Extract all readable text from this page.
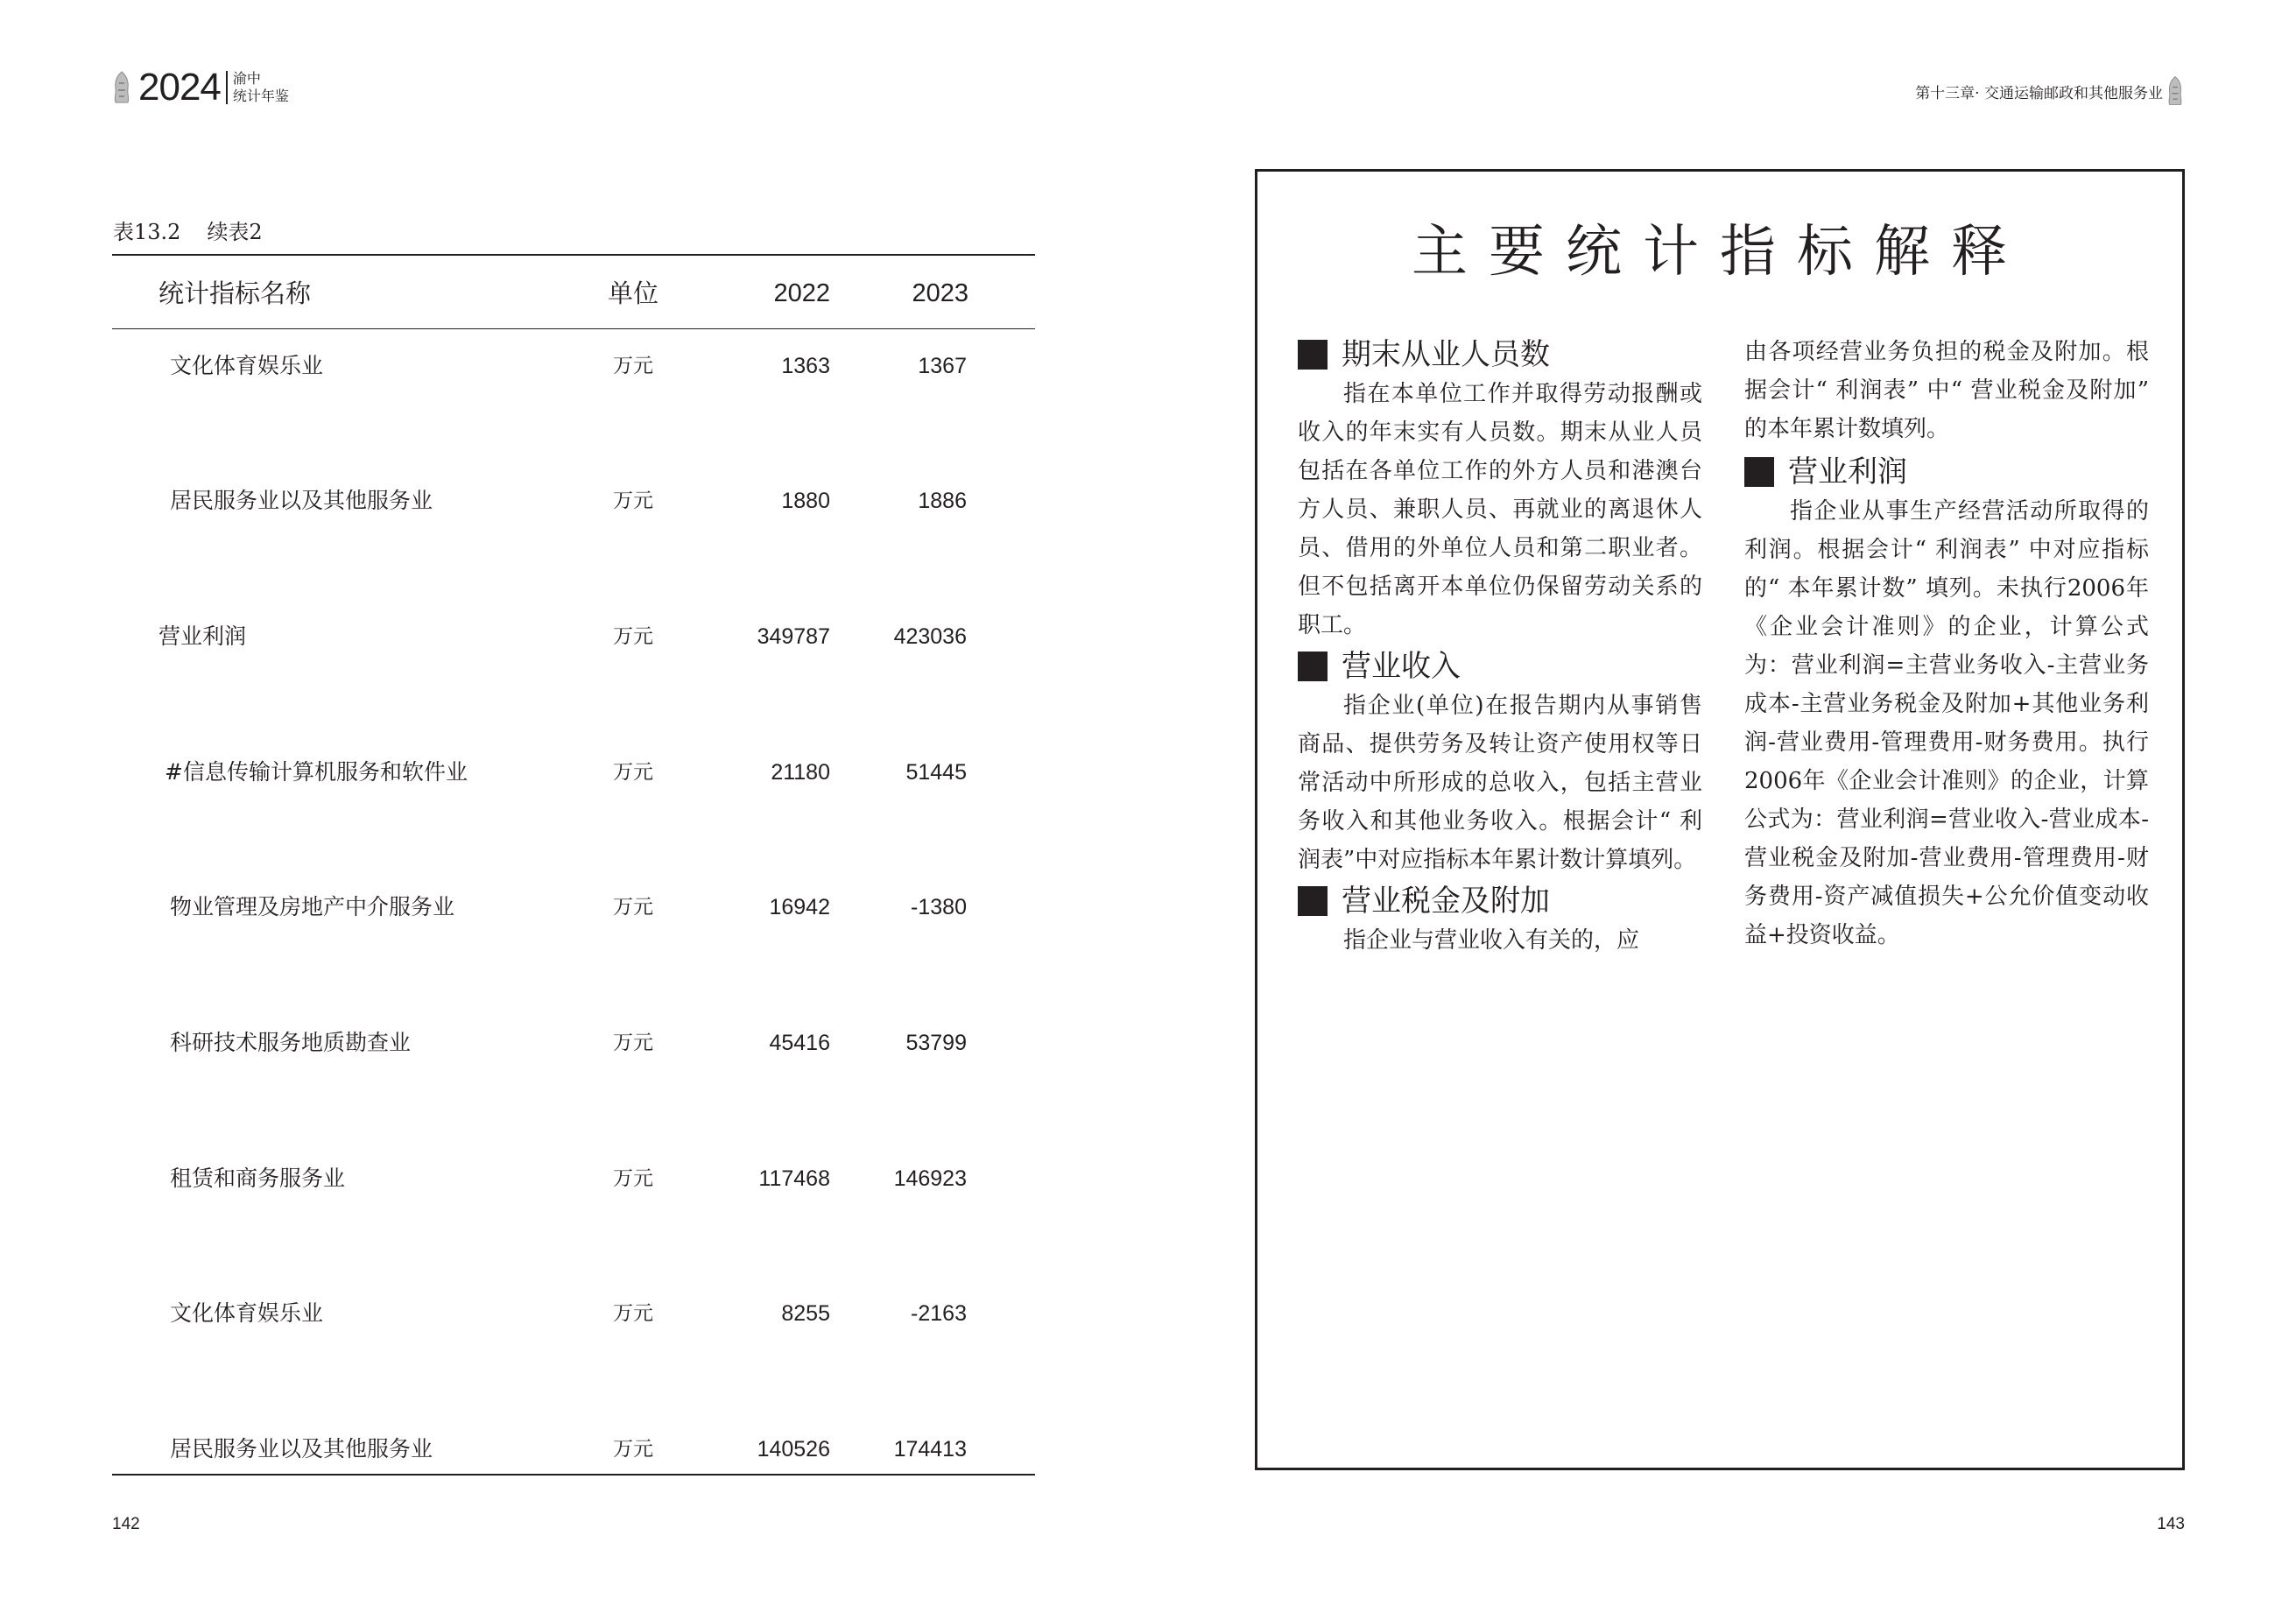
2024 渝中
统计年鉴	第十三章· 交通运输邮政和其他服务业
表13.2 续表2
统计指标名称	单位	2022	2023
文化体育娱乐业	万元	1363	1367
居民服务业以及其他服务业	万元	1880	1886
营业利润	万元	349787	423036
#信息传输计算机服务和软件业	万元	21180	51445
物业管理及房地产中介服务业	万元	16942	-1380
科研技术服务地质勘查业	万元	45416	53799
租赁和商务服务业	万元	117468	146923
文化体育娱乐业	万元	8255	-2163
居民服务业以及其他服务业	万元	140526	174413
142	143
主要统计指标解释
期末从业人员数

指在本单位工作并取得劳动报酬或收入的年末实有人员数。期末从业人员包括在各单位工作的外方人员和港澳台方人员、兼职人员、再就业的离退休人员、借用的外单位人员和第二职业者。但不包括离开本单位仍保留劳动关系的职工。

营业收入

指企业(单位)在报告期内从事销售商品、提供劳务及转让资产使用权等日常活动中所形成的总收入，包括主营业务收入和其他业务收入。根据会计“ 利润表”中对应指标本年累计数计算填列。

营业税金及附加

指企业与营业收入有关的，应

由各项经营业务负担的税金及附加。根据会计“ 利润表” 中“ 营业税金及附加” 的本年累计数填列。

营业利润

指企业从事生产经营活动所取得的利润。根据会计“ 利润表” 中对应指标的“ 本年累计数” 填列。未执行2006年《企业会计准则》的企业，计算公式为：营业利润=主营业务收入-主营业务成本-主营业务税金及附加+其他业务利润-营业费用-管理费用-财务费用。执行2006年《企业会计准则》的企业，计算公式为：营业利润=营业收入-营业成本-营业税金及附加-营业费用-管理费用-财务费用-资产减值损失+公允价值变动收益+投资收益。
